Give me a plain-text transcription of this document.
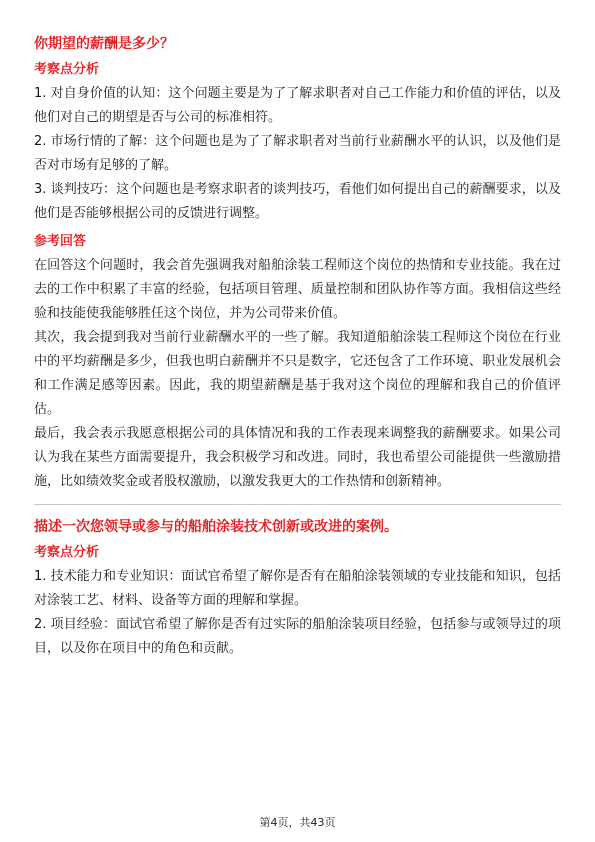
你期望的薪酬是多少？
考察点分析

1. 对自身价值的认知：这个问题主要是为了了解求职者对自己工作能力和价值的评估，以及他们对自己的期望是否与公司的标准相符。

2. 市场行情的了解：这个问题也是为了了解求职者对当前行业薪酬水平的认识，以及他们是否对市场有足够的了解。

3. 谈判技巧：这个问题也是考察求职者的谈判技巧，看他们如何提出自己的薪酬要求，以及他们是否能够根据公司的反馈进行调整。

参考回答

在回答这个问题时，我会首先强调我对船舶涂装工程师这个岗位的热情和专业技能。我在过去的工作中积累了丰富的经验，包括项目管理、质量控制和团队协作等方面。我相信这些经验和技能使我能够胜任这个岗位，并为公司带来价值。

其次，我会提到我对当前行业薪酬水平的一些了解。我知道船舶涂装工程师这个岗位在行业中的平均薪酬是多少，但我也明白薪酬并不只是数字，它还包含了工作环境、职业发展机会和工作满足感等因素。因此，我的期望薪酬是基于我对这个岗位的理解和我自己的价值评估。

最后，我会表示我愿意根据公司的具体情况和我的工作表现来调整我的薪酬要求。如果公司认为我在某些方面需要提升，我会积极学习和改进。同时，我也希望公司能提供一些激励措施，比如绩效奖金或者股权激励，以激发我更大的工作热情和创新精神。

描述一次您领导或参与的船舶涂装技术创新或改进的案例。
考察点分析

1. 技术能力和专业知识：面试官希望了解你是否有在船舶涂装领域的专业技能和知识，包括对涂装工艺、材料、设备等方面的理解和掌握。

2. 项目经验：面试官希望了解你是否有过实际的船舶涂装项目经验，包括参与或领导过的项目，以及你在项目中的角色和贡献。

第4页，共43页
